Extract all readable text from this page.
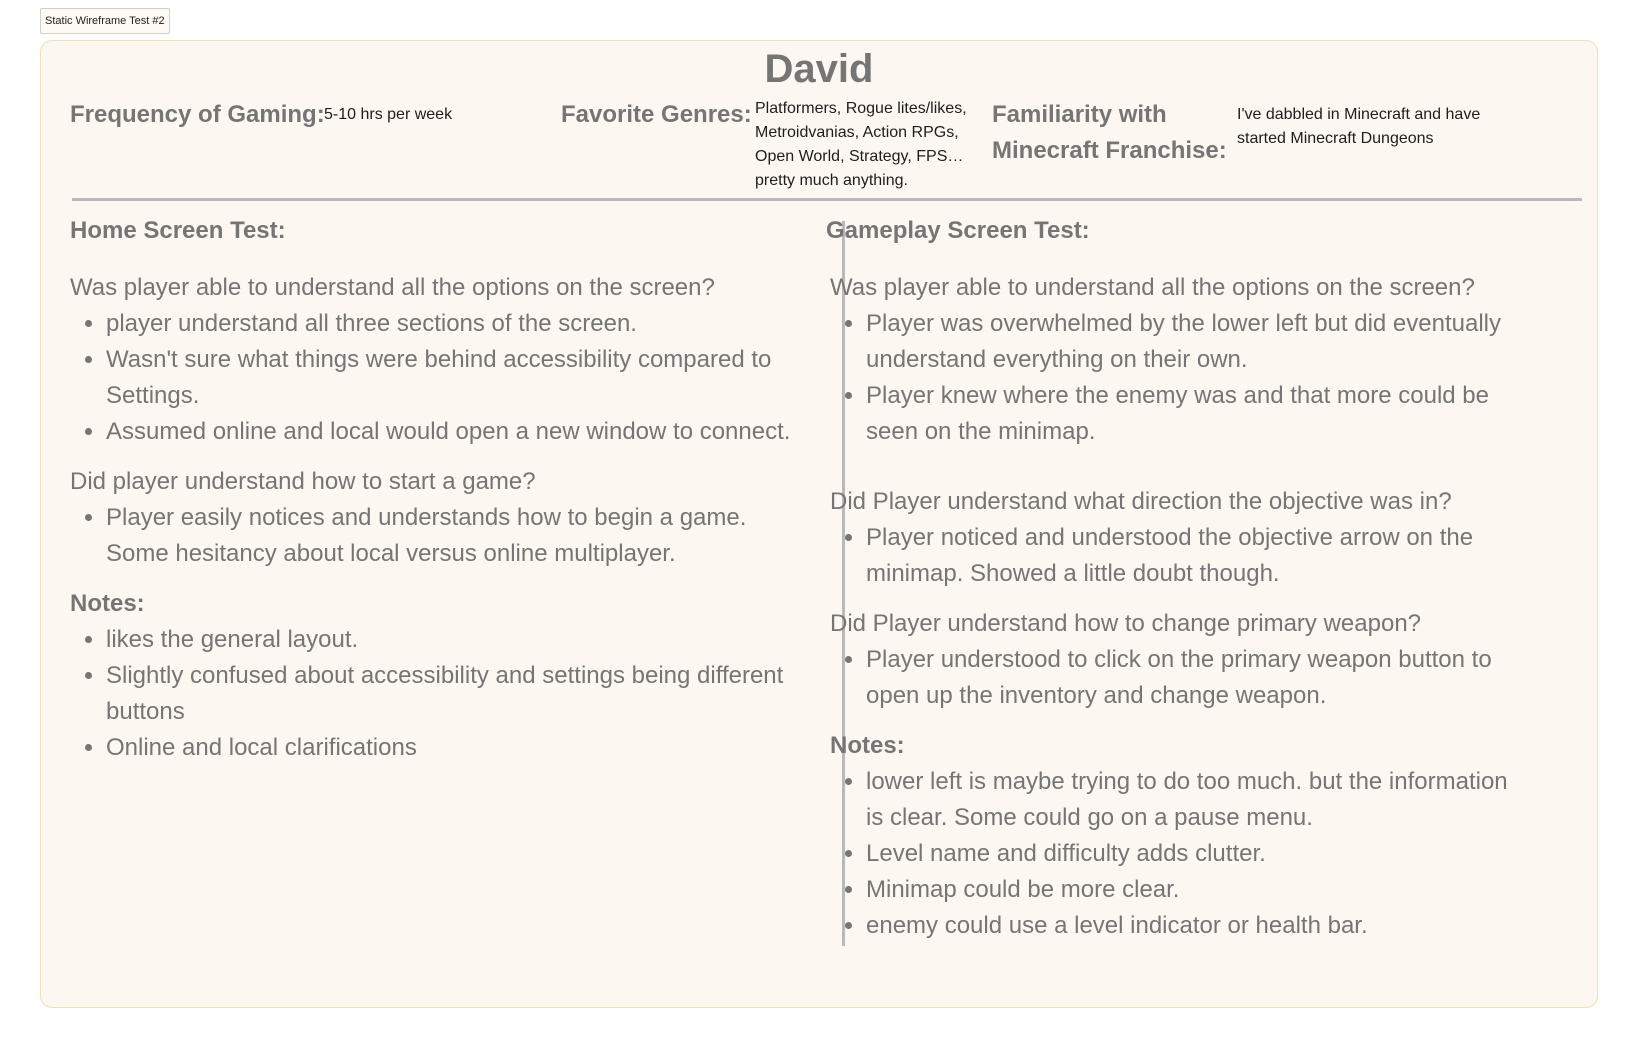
Static Wireframe Test #2
David

Frequency of Gaming: 5-10 hrs per week	Favorite Genres: Platformers, Rogue lites/likes,
Metroidvanias, Action RPGs,
Open World, Strategy, FPS…
pretty much anything.
Familiarity with
Minecraft Franchise:
I've dabbled in Minecraft and have
started Minecraft Dungeons
Home Screen Test:

Was player able to understand all the options on the screen?

• player understand all three sections of the screen.
• Wasn't sure what things were behind accessibility compared to Settings.
• Assumed online and local would open a new window to connect.

Did player understand how to start a game?

• Player easily notices and understands how to begin a game. Some hesitancy about local versus online multiplayer.

Notes:

• likes the general layout.
• Slightly confused about accessibility and settings being different buttons
• Online and local clarifications
Gameplay Screen Test:

Was player able to understand all the options on the screen?

• Player was overwhelmed by the lower left but did eventually understand everything on their own.
• Player knew where the enemy was and that more could be seen on the minimap.

Did Player understand what direction the objective was in?

• Player noticed and understood the objective arrow on the minimap. Showed a little doubt though.

Did Player understand how to change primary weapon?

• Player understood to click on the primary weapon button to open up the inventory and change weapon.

Notes:

• lower left is maybe trying to do too much. but the information is clear. Some could go on a pause menu.
• Level name and difficulty adds clutter.
• Minimap could be more clear.
• enemy could use a level indicator or health bar.
